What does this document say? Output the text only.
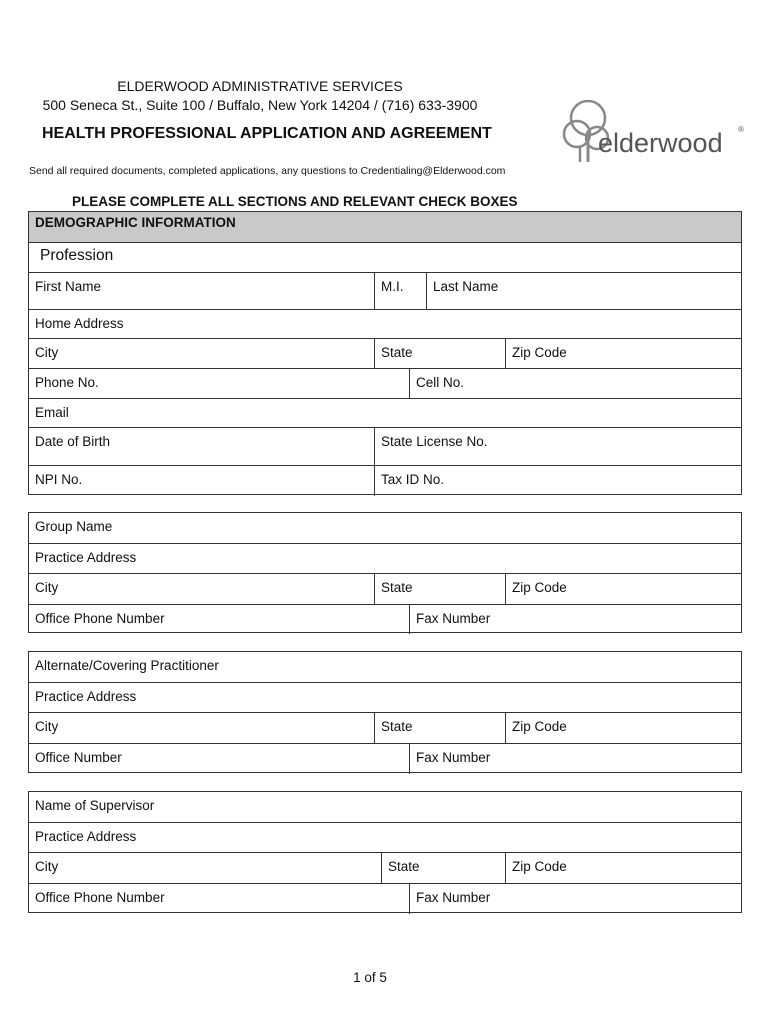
ELDERWOOD ADMINISTRATIVE SERVICES
500 Seneca St., Suite 100 / Buffalo, New York 14204 / (716) 633-3900
HEALTH PROFESSIONAL APPLICATION AND AGREEMENT
Send all required documents, completed applications, any questions to Credentialing@Elderwood.com
PLEASE COMPLETE ALL SECTIONS AND RELEVANT CHECK BOXES
elderwood ®
DEMOGRAPHIC INFORMATION
Profession
First Name	M.I. Last Name
Home Address
City	State	Zip Code
Phone No.	Cell No.
Email
Date of Birth	State License No.
NPI No.	Tax ID No.
Group Name
Practice Address
City	State	Zip Code
Office Phone Number	Fax Number
Alternate/Covering Practitioner
Practice Address
City	State	Zip Code
Office Number	Fax Number
Name of Supervisor
Practice Address
City	State	Zip Code
Office Phone Number	Fax Number
1 of 5
